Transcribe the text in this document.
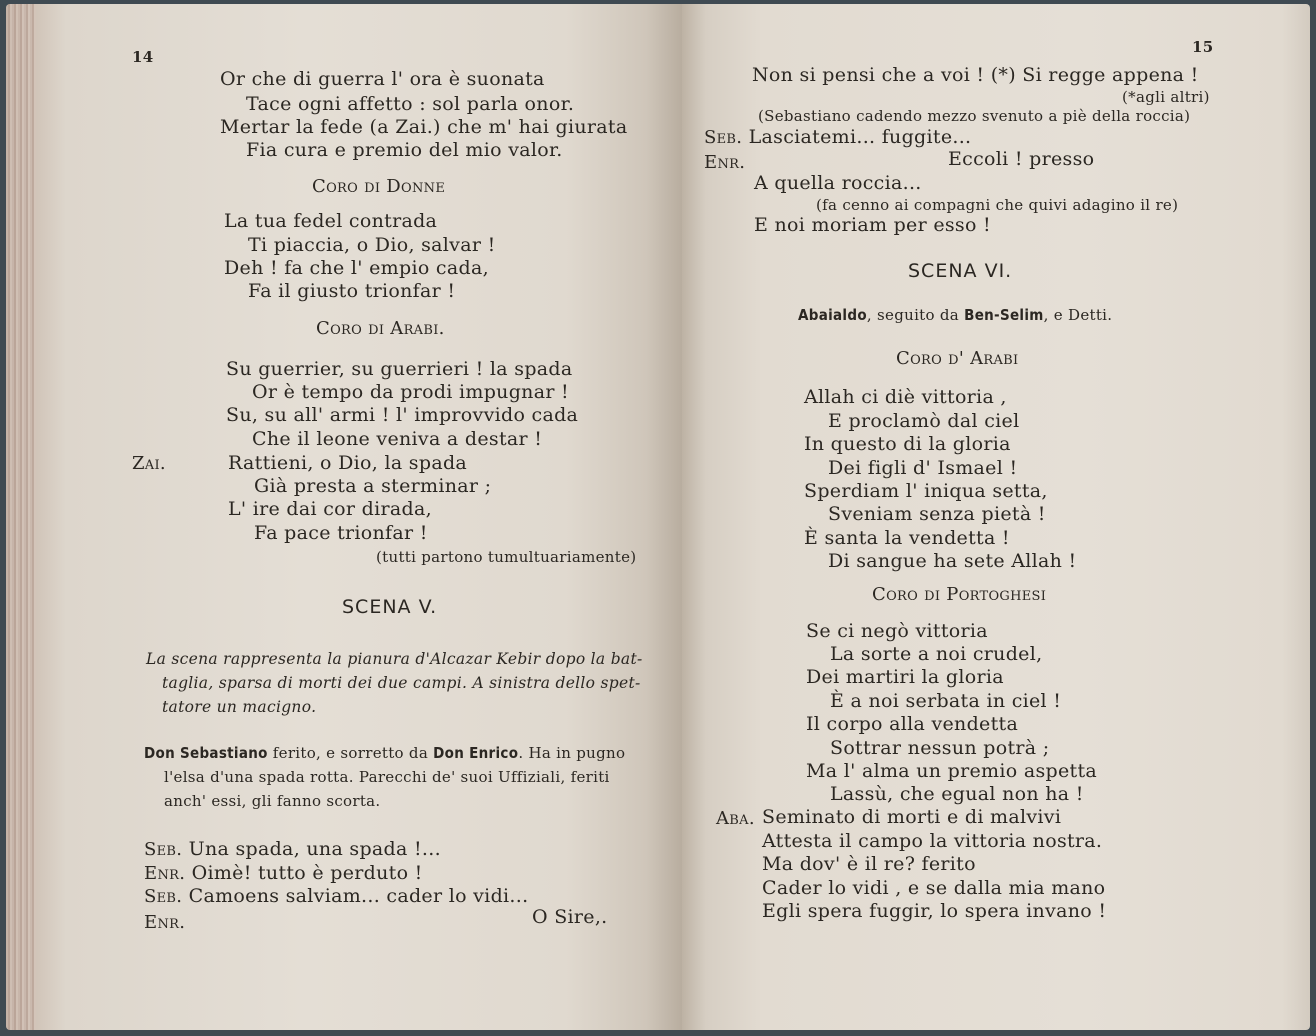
14
Or che di guerra l' ora è suonata
Tace ogni affetto : sol parla onor.
Mertar la fede (a Zai.) che m' hai giurata
Fia cura e premio del mio valor.
Coro di Donne
La tua fedel contrada
Ti piaccia, o Dio, salvar !
Deh ! fa che l' empio cada,
Fa il giusto trionfar !
Coro di Arabi.
Su guerrier, su guerrieri ! la spada
Or è tempo da prodi impugnar !
Su, su all' armi ! l' improvvido cada
Che il leone veniva a destar !
Zai.	Rattieni, o Dio, la spada
Già presta a sterminar ;
L' ire dai cor dirada,
Fa pace trionfar !
(tutti partono tumultuariamente)
SCENA V.
La scena rappresenta la pianura d'Alcazar Kebir dopo la bat-
taglia, sparsa di morti dei due campi. A sinistra dello spet-
tatore un macigno.
Don Sebastiano ferito, e sorretto da Don Enrico. Ha in pugno
l'elsa d'una spada rotta. Parecchi de' suoi Uffiziali, feriti
anch' essi, gli fanno scorta.
Seb. Una spada, una spada !...
Enr. Oimè! tutto è perduto !
Seb. Camoens salviam... cader lo vidi...
Enr.	O Sire,.
15
Non si pensi che a voi ! (*) Si regge appena !
(*agli altri)
(Sebastiano cadendo mezzo svenuto a piè della roccia)
Seb. Lasciatemi... fuggite...
Enr.	Eccoli ! presso
A quella roccia...
(fa cenno ai compagni che quivi adagino il re)
E noi moriam per esso !
SCENA VI.
Abaialdo, seguito da Ben-Selim, e Detti.
Coro d' Arabi
Allah ci diè vittoria ,
E proclamò dal ciel
In questo di la gloria
Dei figli d' Ismael !
Sperdiam l' iniqua setta,
Sveniam senza pietà !
È santa la vendetta !
Di sangue ha sete Allah !
Coro di Portoghesi
Se ci negò vittoria
La sorte a noi crudel,
Dei martiri la gloria
È a noi serbata in ciel !
Il corpo alla vendetta
Sottrar nessun potrà ;
Ma l' alma un premio aspetta
Lassù, che egual non ha !
Aba. Seminato di morti e di malvivi
Attesta il campo la vittoria nostra.
Ma dov' è il re? ferito
Cader lo vidi , e se dalla mia mano
Egli spera fuggir, lo spera invano !
